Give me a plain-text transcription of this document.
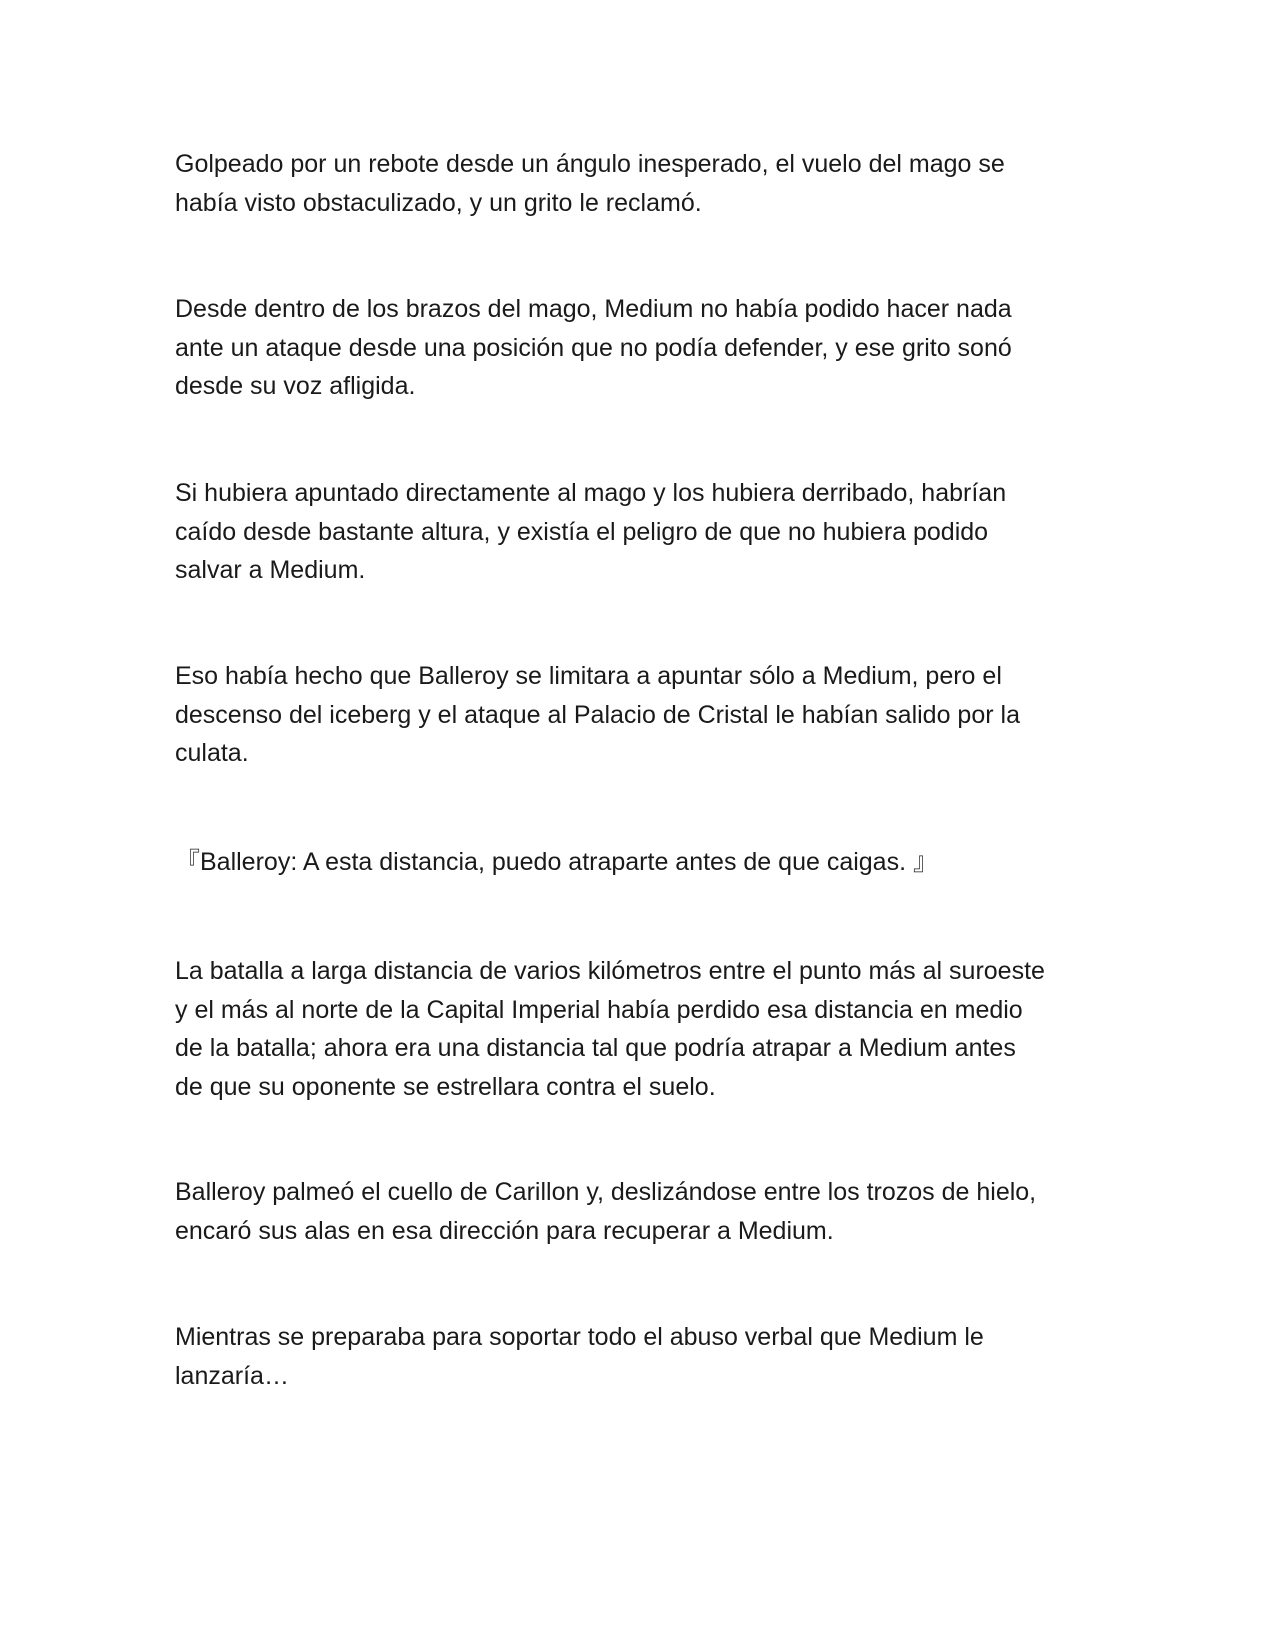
Golpeado por un rebote desde un ángulo inesperado, el vuelo del mago se
había visto obstaculizado, y un grito le reclamó.

Desde dentro de los brazos del mago, Medium no había podido hacer nada
ante un ataque desde una posición que no podía defender, y ese grito sonó
desde su voz afligida.

Si hubiera apuntado directamente al mago y los hubiera derribado, habrían
caído desde bastante altura, y existía el peligro de que no hubiera podido
salvar a Medium.

Eso había hecho que Balleroy se limitara a apuntar sólo a Medium, pero el
descenso del iceberg y el ataque al Palacio de Cristal le habían salido por la
culata.

『Balleroy: A esta distancia, puedo atraparte antes de que caigas. 』

La batalla a larga distancia de varios kilómetros entre el punto más al suroeste
y el más al norte de la Capital Imperial había perdido esa distancia en medio
de la batalla; ahora era una distancia tal que podría atrapar a Medium antes
de que su oponente se estrellara contra el suelo.

Balleroy palmeó el cuello de Carillon y, deslizándose entre los trozos de hielo,
encaró sus alas en esa dirección para recuperar a Medium.

Mientras se preparaba para soportar todo el abuso verbal que Medium le
lanzaría…
